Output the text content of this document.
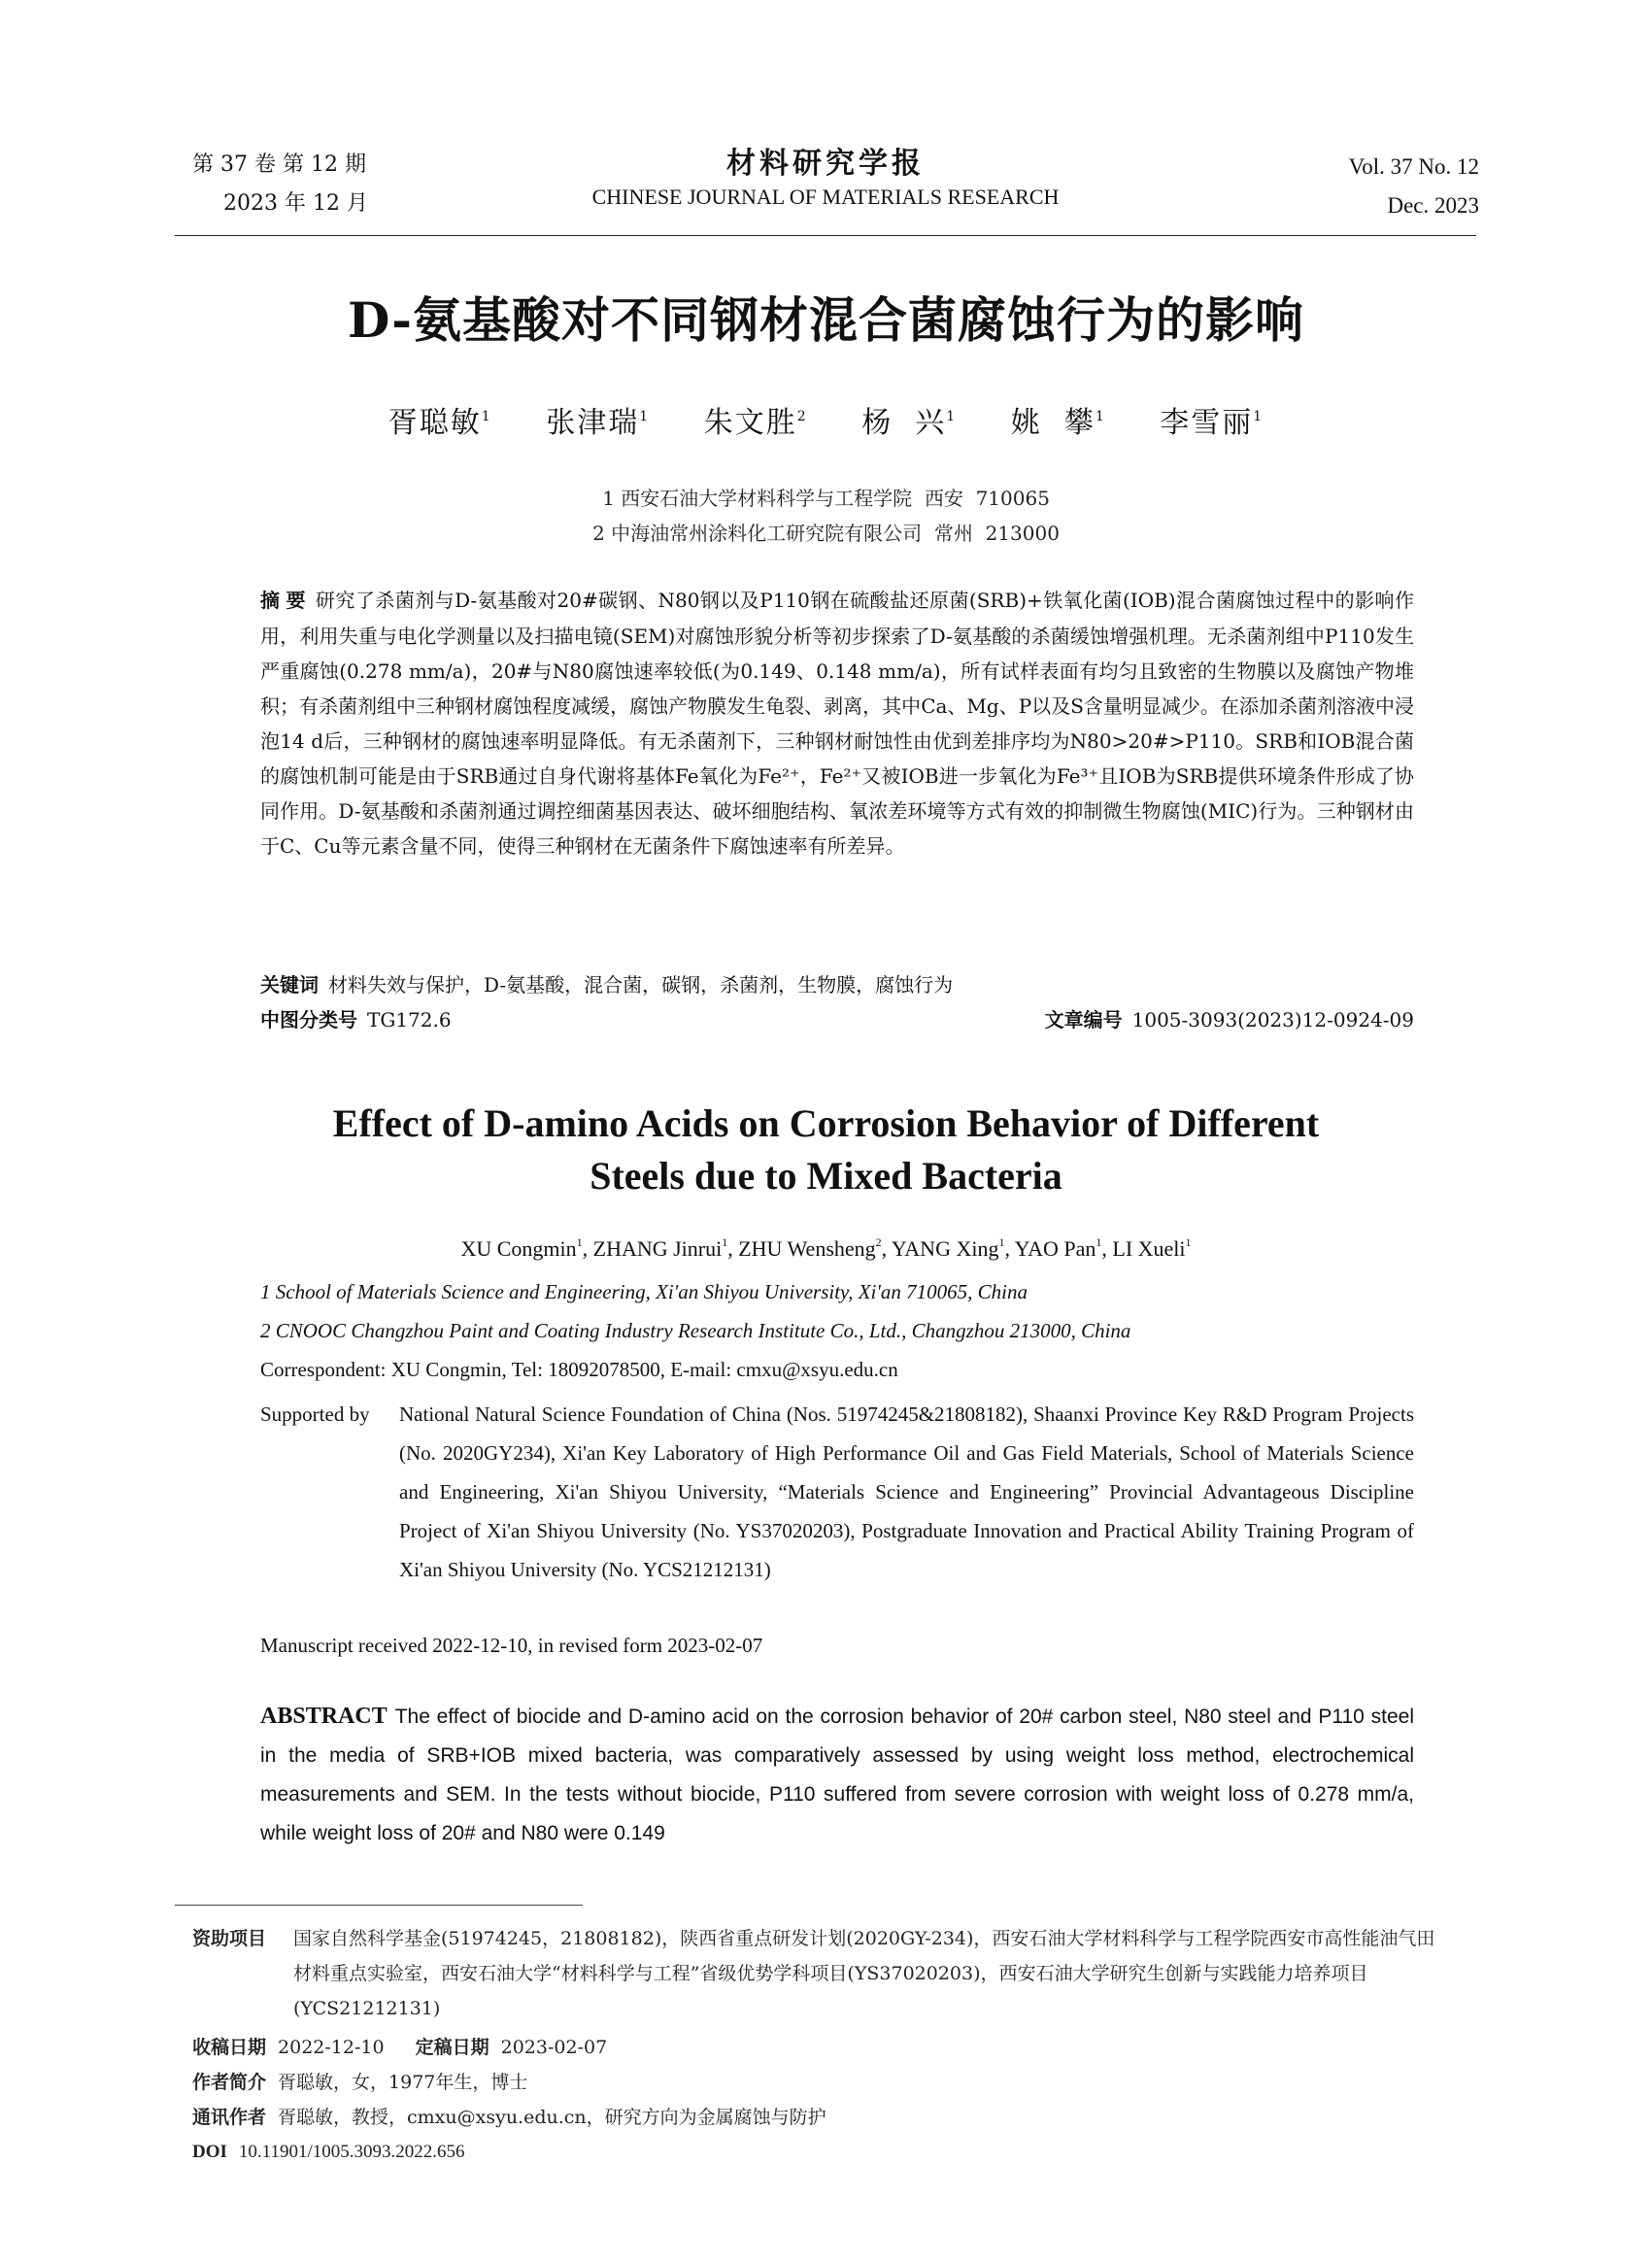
第 37 卷 第 12 期
2023 年 12 月
材料研究学报
CHINESE JOURNAL OF MATERIALS RESEARCH
Vol. 37 No. 12
Dec. 2023
D-氨基酸对不同钢材混合菌腐蚀行为的影响
胥聪敏$^1$ 张津瑞$^1$ 朱文胜$^2$ 杨  兴$^1$ 姚  攀$^1$ 李雪丽$^1$
1 西安石油大学材料科学与工程学院  西安  710065
2 中海油常州涂料化工研究院有限公司  常州  213000
摘 要 研究了杀菌剂与D-氨基酸对20#碳钢、N80钢以及P110钢在硫酸盐还原菌(SRB)+铁氧化菌(IOB)混合菌腐蚀过程中的影响作用，利用失重与电化学测量以及扫描电镜(SEM)对腐蚀形貌分析等初步探索了D-氨基酸的杀菌缓蚀增强机理。无杀菌剂组中P110发生严重腐蚀(0.278 mm/a)，20#与N80腐蚀速率较低(为0.149、0.148 mm/a)，所有试样表面有均匀且致密的生物膜以及腐蚀产物堆积；有杀菌剂组中三种钢材腐蚀程度减缓，腐蚀产物膜发生龟裂、剥离，其中Ca、Mg、P以及S含量明显减少。在添加杀菌剂溶液中浸泡14 d后，三种钢材的腐蚀速率明显降低。有无杀菌剂下，三种钢材耐蚀性由优到差排序均为N80>20#>P110。SRB和IOB混合菌的腐蚀机制可能是由于SRB通过自身代谢将基体Fe氧化为Fe²⁺，Fe²⁺又被IOB进一步氧化为Fe³⁺且IOB为SRB提供环境条件形成了协同作用。D-氨基酸和杀菌剂通过调控细菌基因表达、破坏细胞结构、氧浓差环境等方式有效的抑制微生物腐蚀(MIC)行为。三种钢材由于C、Cu等元素含量不同，使得三种钢材在无菌条件下腐蚀速率有所差异。
关键词 材料失效与保护，D-氨基酸，混合菌，碳钢，杀菌剂，生物膜，腐蚀行为
中图分类号 TG172.6	文章编号 1005-3093(2023)12-0924-09
Effect of D-amino Acids on Corrosion Behavior of Different
Steels due to Mixed Bacteria
XU Congmin$^1$, ZHANG Jinrui$^1$, ZHU Wensheng$^2$, YANG Xing$^1$, YAO Pan$^1$, LI Xueli$^1$
1 School of Materials Science and Engineering, Xi'an Shiyou University, Xi'an 710065, China
2 CNOOC Changzhou Paint and Coating Industry Research Institute Co., Ltd., Changzhou 213000, China
Correspondent: XU Congmin, Tel: 18092078500, E-mail: cmxu@xsyu.edu.cn
Supported by National Natural Science Foundation of China (Nos. 51974245&21808182), Shaanxi Province Key R&D Program Projects (No. 2020GY234), Xi'an Key Laboratory of High Performance Oil and Gas Field Materials, School of Materials Science and Engineering, Xi'an Shiyou University, “Materials Science and Engineering” Provincial Advantageous Discipline Project of Xi'an Shiyou University (No. YS37020203), Postgraduate Innovation and Practical Ability Training Program of Xi'an Shiyou University (No. YCS21212131)
Manuscript received 2022-12-10, in revised form 2023-02-07
ABSTRACT The effect of biocide and D-amino acid on the corrosion behavior of 20# carbon steel, N80 steel and P110 steel in the media of SRB+IOB mixed bacteria, was comparatively assessed by using weight loss method, electrochemical measurements and SEM. In the tests without biocide, P110 suffered from severe corrosion with weight loss of 0.278 mm/a, while weight loss of 20# and N80 were 0.149
资助项目 国家自然科学基金(51974245，21808182)，陕西省重点研发计划(2020GY-234)，西安石油大学材料科学与工程学院西安市高性能油气田材料重点实验室，西安石油大学“材料科学与工程”省级优势学科项目(YS37020203)，西安石油大学研究生创新与实践能力培养项目(YCS21212131)
收稿日期 2022-12-10 定稿日期 2023-02-07
作者简介 胥聪敏，女，1977年生，博士
通讯作者 胥聪敏，教授，cmxu@xsyu.edu.cn，研究方向为金属腐蚀与防护
DOI 10.11901/1005.3093.2022.656
